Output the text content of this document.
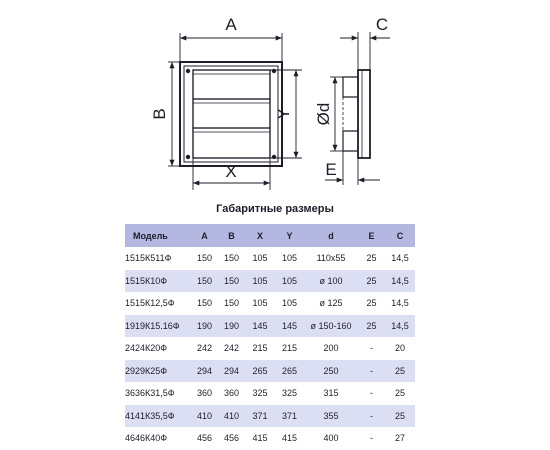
A
B
X
Y
C
Ød
E
Габаритные размеры
Модель	A	B	X	Y	d	E	C
1515К511Ф	150	150	105	105	110x55	25	14,5
1515К10Ф	150	150	105	105	ø 100	25	14,5
1515К12,5Ф	150	150	105	105	ø 125	25	14,5
1919К15.16Ф	190	190	145	145	ø 150-160	25	14,5
2424К20Ф	242	242	215	215	200	-	20
2929К25Ф	294	294	265	265	250	-	25
3636К31,5Ф	360	360	325	325	315	-	25
4141К35,5Ф	410	410	371	371	355	-	25
4646К40Ф	456	456	415	415	400	-	27
